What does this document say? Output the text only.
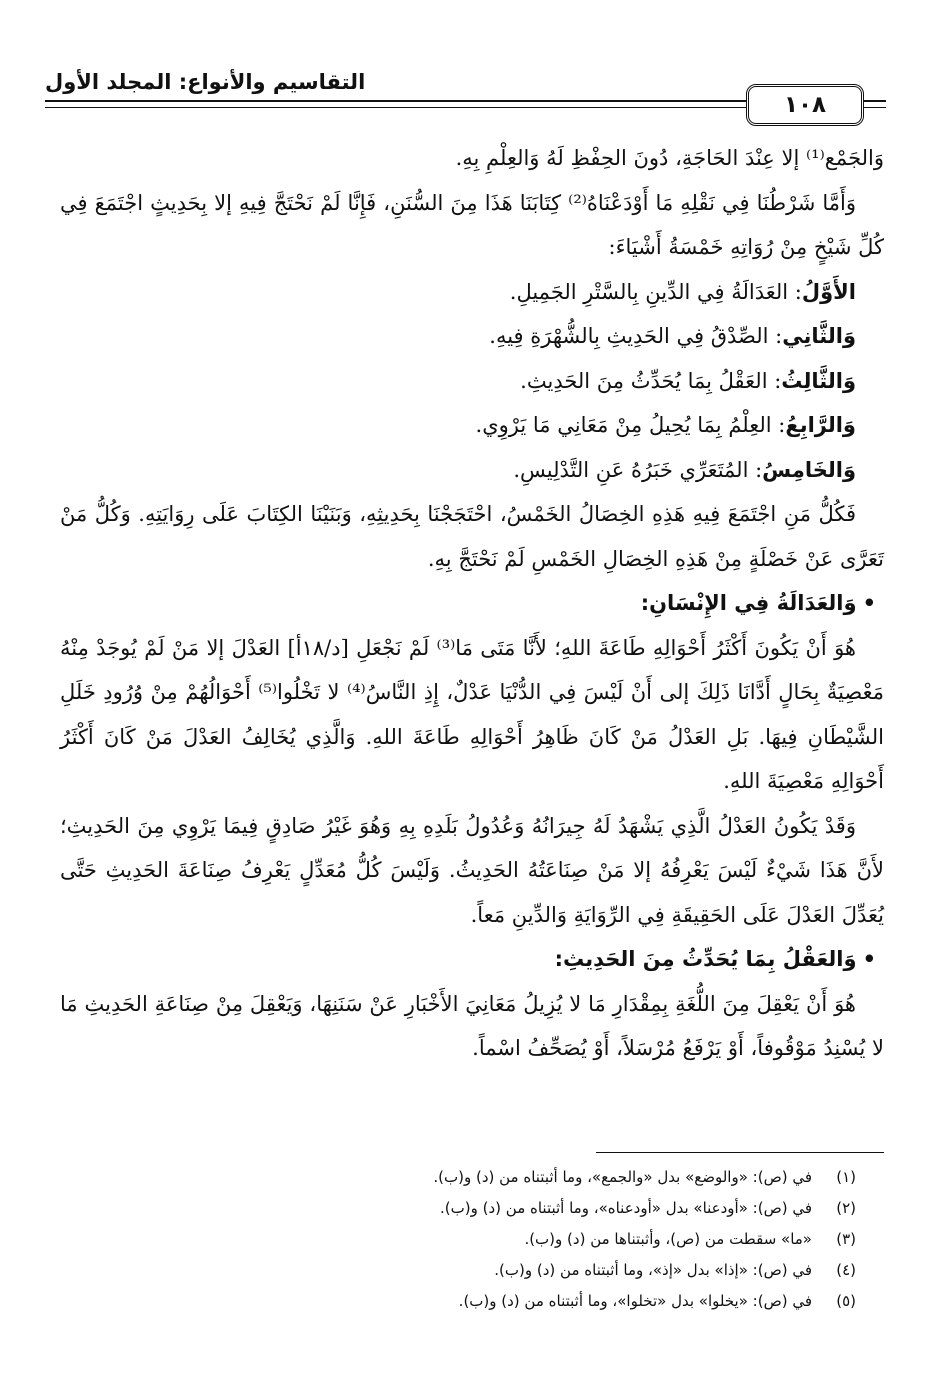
التقاسيم والأنواع: المجلد الأول
١٠٨

وَالجَمْع⁽¹⁾ إلا عِنْدَ الحَاجَةِ، دُونَ الحِفْظِ لَهُ وَالعِلْمِ بِهِ.

وَأَمَّا شَرْطُنَا فِي نَقْلِهِ مَا أَوْدَعْنَاهُ⁽²⁾ كِتَابَنَا هَذَا مِنَ السُّنَنِ، فَإِنَّا لَمْ نَحْتَجَّ فِيهِ إلا بِحَدِيثٍ اجْتَمَعَ فِي كُلِّ شَيْخٍ مِنْ رُوَاتِهِ خَمْسَةُ أَشْيَاءَ:

الأَوَّلُ: العَدَالَةُ فِي الدِّينِ بِالسَّتْرِ الجَمِيلِ.

وَالثَّانِي: الصِّدْقُ فِي الحَدِيثِ بِالشُّهْرَةِ فِيهِ.

وَالثَّالِثُ: العَقْلُ بِمَا يُحَدِّثُ مِنَ الحَدِيثِ.

وَالرَّابِعُ: العِلْمُ بِمَا يُحِيلُ مِنْ مَعَانِي مَا يَرْوِي.

وَالخَامِسُ: المُتَعَرِّي خَبَرُهُ عَنِ التَّدْلِيسِ.

فَكُلُّ مَنِ اجْتَمَعَ فِيهِ هَذِهِ الخِصَالُ الخَمْسُ، احْتَجَجْنَا بِحَدِيثِهِ، وَبَنَيْنَا الكِتَابَ عَلَى رِوَايَتِهِ. وَكُلُّ مَنْ تَعَرَّى عَنْ خَصْلَةٍ مِنْ هَذِهِ الخِصَالِ الخَمْسِ لَمْ نَحْتَجَّ بِهِ.

•وَالعَدَالَةُ فِي الإِنْسَانِ:

هُوَ أَنْ يَكُونَ أَكْثَرُ أَحْوَالِهِ طَاعَةَ اللهِ؛ لأَنَّا مَتَى مَا⁽³⁾ لَمْ نَجْعَلِ [د/١٨أ] العَدْلَ إلا مَنْ لَمْ يُوجَدْ مِنْهُ مَعْصِيَةٌ بِحَالٍ أَدَّانَا ذَلِكَ إلى أَنْ لَيْسَ فِي الدُّنْيَا عَدْلٌ، إِذِ النَّاسُ⁽⁴⁾ لا تَخْلُوا⁽⁵⁾ أَحْوَالُهُمْ مِنْ وُرُودِ خَلَلِ الشَّيْطَانِ فِيهَا. بَلِ العَدْلُ مَنْ كَانَ ظَاهِرُ أَحْوَالِهِ طَاعَةَ اللهِ. وَالَّذِي يُخَالِفُ العَدْلَ مَنْ كَانَ أَكْثَرُ أَحْوَالِهِ مَعْصِيَةَ اللهِ.

وَقَدْ يَكُونُ العَدْلُ الَّذِي يَشْهَدُ لَهُ جِيرَانُهُ وَعُدُولُ بَلَدِهِ بِهِ وَهُوَ غَيْرُ صَادِقٍ فِيمَا يَرْوِي مِنَ الحَدِيثِ؛ لأَنَّ هَذَا شَيْءٌ لَيْسَ يَعْرِفُهُ إلا مَنْ صِنَاعَتُهُ الحَدِيثُ. وَلَيْسَ كُلُّ مُعَدِّلٍ يَعْرِفُ صِنَاعَةَ الحَدِيثِ حَتَّى يُعَدِّلَ العَدْلَ عَلَى الحَقِيقَةِ فِي الرِّوَايَةِ وَالدِّينِ مَعاً.

•وَالعَقْلُ بِمَا يُحَدِّثُ مِنَ الحَدِيثِ:

هُوَ أَنْ يَعْقِلَ مِنَ اللُّغَةِ بِمِقْدَارِ مَا لا يُزِيلُ مَعَانِيَ الأَخْبَارِ عَنْ سَنَنِهَا، وَيَعْقِلَ مِنْ صِنَاعَةِ الحَدِيثِ مَا لا يُسْنِدُ مَوْقُوفاً، أَوْ يَرْفَعُ مُرْسَلاً، أَوْ يُصَحِّفُ اسْماً.

(١)
في (ص): «والوضع» بدل «والجمع»، وما أثبتناه من (د) و(ب).
(٢)
في (ص): «أودعنا» بدل «أودعناه»، وما أثبتناه من (د) و(ب).
(٣)
«ما» سقطت من (ص)، وأثبتناها من (د) و(ب).
(٤)
في (ص): «إذا» بدل «إذ»، وما أثبتناه من (د) و(ب).
(٥)
في (ص): «يخلوا» بدل «تخلوا»، وما أثبتناه من (د) و(ب).
